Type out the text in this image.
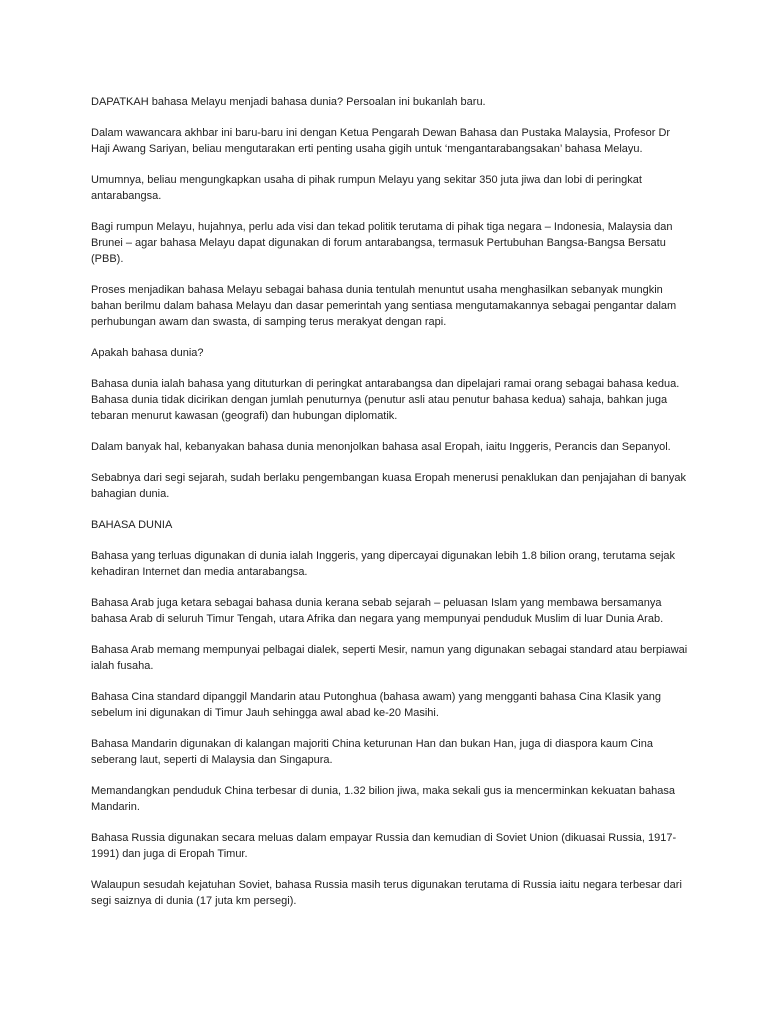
DAPATKAH bahasa Melayu menjadi bahasa dunia? Persoalan ini bukanlah baru.

Dalam wawancara akhbar ini baru-baru ini dengan Ketua Pengarah Dewan Bahasa dan Pustaka Malaysia, Profesor Dr Haji Awang Sariyan, beliau mengutarakan erti penting usaha gigih untuk ‘mengantarabangsakan’ bahasa Melayu.

Umumnya, beliau mengungkapkan usaha di pihak rumpun Melayu yang sekitar 350 juta jiwa dan lobi di peringkat antarabangsa.

Bagi rumpun Melayu, hujahnya, perlu ada visi dan tekad politik terutama di pihak tiga negara – Indonesia, Malaysia dan Brunei – agar bahasa Melayu dapat digunakan di forum antarabangsa, termasuk Pertubuhan Bangsa-Bangsa Bersatu (PBB).

Proses menjadikan bahasa Melayu sebagai bahasa dunia tentulah menuntut usaha menghasilkan sebanyak mungkin bahan berilmu dalam bahasa Melayu dan dasar pemerintah yang sentiasa mengutamakannya sebagai pengantar dalam perhubungan awam dan swasta, di samping terus merakyat dengan rapi.

Apakah bahasa dunia?

Bahasa dunia ialah bahasa yang dituturkan di peringkat antarabangsa dan dipelajari ramai orang sebagai bahasa kedua. Bahasa dunia tidak dicirikan dengan jumlah penuturnya (penutur asli atau penutur bahasa kedua) sahaja, bahkan juga tebaran menurut kawasan (geografi) dan hubungan diplomatik.

Dalam banyak hal, kebanyakan bahasa dunia menonjolkan bahasa asal Eropah, iaitu Inggeris, Perancis dan Sepanyol.

Sebabnya dari segi sejarah, sudah berlaku pengembangan kuasa Eropah menerusi penaklukan dan penjajahan di banyak bahagian dunia.

BAHASA DUNIA

Bahasa yang terluas digunakan di dunia ialah Inggeris, yang dipercayai digunakan lebih 1.8 bilion orang, terutama sejak kehadiran Internet dan media antarabangsa.

Bahasa Arab juga ketara sebagai bahasa dunia kerana sebab sejarah – peluasan Islam yang membawa bersamanya bahasa Arab di seluruh Timur Tengah, utara Afrika dan negara yang mempunyai penduduk Muslim di luar Dunia Arab.

Bahasa Arab memang mempunyai pelbagai dialek, seperti Mesir, namun yang digunakan sebagai standard atau berpiawai ialah fusaha.

Bahasa Cina standard dipanggil Mandarin atau Putonghua (bahasa awam) yang mengganti bahasa Cina Klasik yang sebelum ini digunakan di Timur Jauh sehingga awal abad ke-20 Masihi.

Bahasa Mandarin digunakan di kalangan majoriti China keturunan Han dan bukan Han, juga di diaspora kaum Cina seberang laut, seperti di Malaysia dan Singapura.

Memandangkan penduduk China terbesar di dunia, 1.32 bilion jiwa, maka sekali gus ia mencerminkan kekuatan bahasa Mandarin.

Bahasa Russia digunakan secara meluas dalam empayar Russia dan kemudian di Soviet Union (dikuasai Russia, 1917-1991) dan juga di Eropah Timur.

Walaupun sesudah kejatuhan Soviet, bahasa Russia masih terus digunakan terutama di Russia iaitu negara terbesar dari segi saiznya di dunia (17 juta km persegi).
